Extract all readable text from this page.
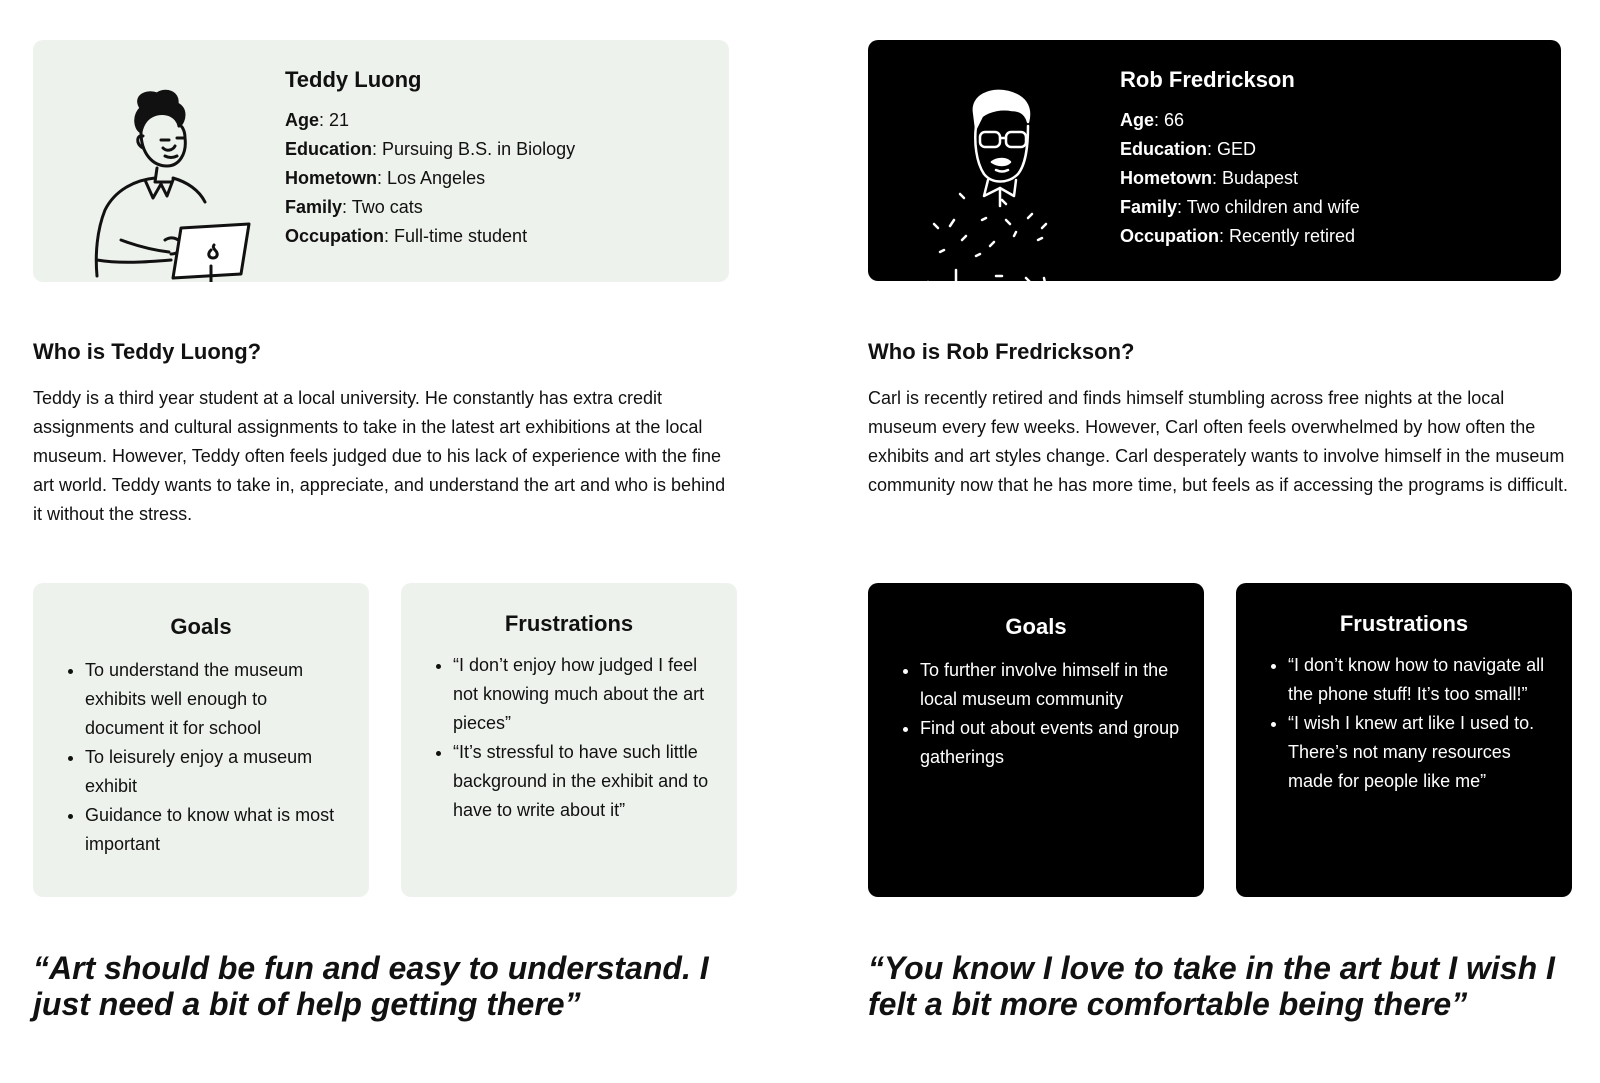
Teddy Luong
Age: 21
Education: Pursuing B.S. in Biology
Hometown: Los Angeles
Family: Two cats
Occupation: Full-time student
Who is Teddy Luong?

Teddy is a third year student at a local university. He constantly has extra credit assignments and cultural assignments to take in the latest art exhibitions at the local museum. However, Teddy often feels judged due to his lack of experience with the fine art world. Teddy wants to take in, appreciate, and understand the art and who is behind it without the stress.

Goals
• To understand the museum exhibits well enough to document it for school
• To leisurely enjoy a museum exhibit
• Guidance to know what is most important
Frustrations
• “I don’t enjoy how judged I feel not knowing much about the art pieces”
• “It’s stressful to have such little background in the exhibit and to have to write about it”

“Art should be fun and easy to understand. I just need a bit of help getting there”

Rob Fredrickson
Age: 66
Education: GED
Hometown: Budapest
Family: Two children and wife
Occupation: Recently retired
Who is Rob Fredrickson?

Carl is recently retired and finds himself stumbling across free nights at the local museum every few weeks. However, Carl often feels overwhelmed by how often the exhibits and art styles change. Carl desperately wants to involve himself in the museum community now that he has more time, but feels as if accessing the programs is difficult.

Goals
• To further involve himself in the local museum community
• Find out about events and group gatherings
Frustrations
• “I don’t know how to navigate all the phone stuff! It’s too small!”
• “I wish I knew art like I used to. There’s not many resources made for people like me”

“You know I love to take in the art but I wish I felt a bit more comfortable being there”
